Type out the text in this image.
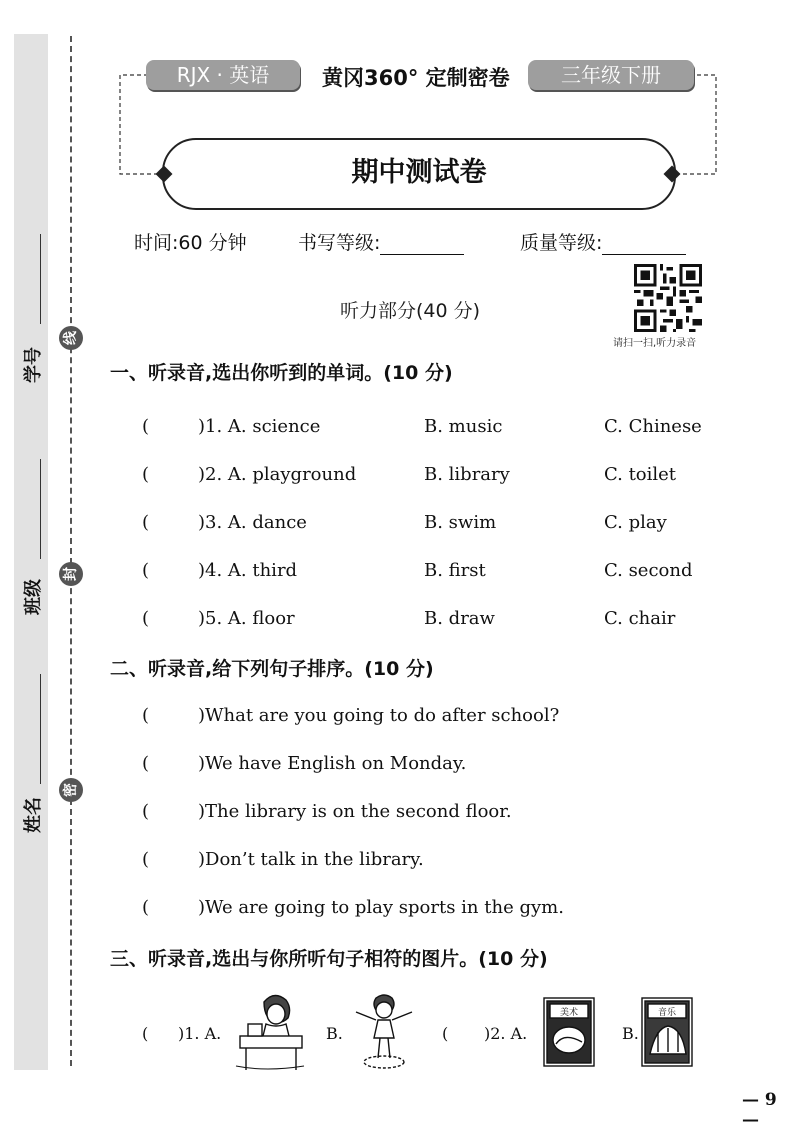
学号
班级
姓名
线
封
密
RJX · 英语	黄冈360° 定制密卷	三年级下册
期中测试卷
时间:60 分钟	书写等级:	质量等级:
听力部分(40 分)
请扫一扫,听力录音
一、听录音,选出你听到的单词。(10 分)
(	)1. A. science	B. music	C. Chinese
(	)2. A. playground	B. library	C. toilet
(	)3. A. dance	B. swim	C. play
(	)4. A. third	B. first	C. second
(	)5. A. floor	B. draw	C. chair
二、听录音,给下列句子排序。(10 分)
(	)What are you going to do after school?
(	)We have English on Monday.
(	)The library is on the second floor.
(	)Don’t talk in the library.
(	)We are going to play sports in the gym.
三、听录音,选出与你所听句子相符的图片。(10 分)
( )1. A.	B.	( )2. A.	B.
美术	音乐
— 9 —
